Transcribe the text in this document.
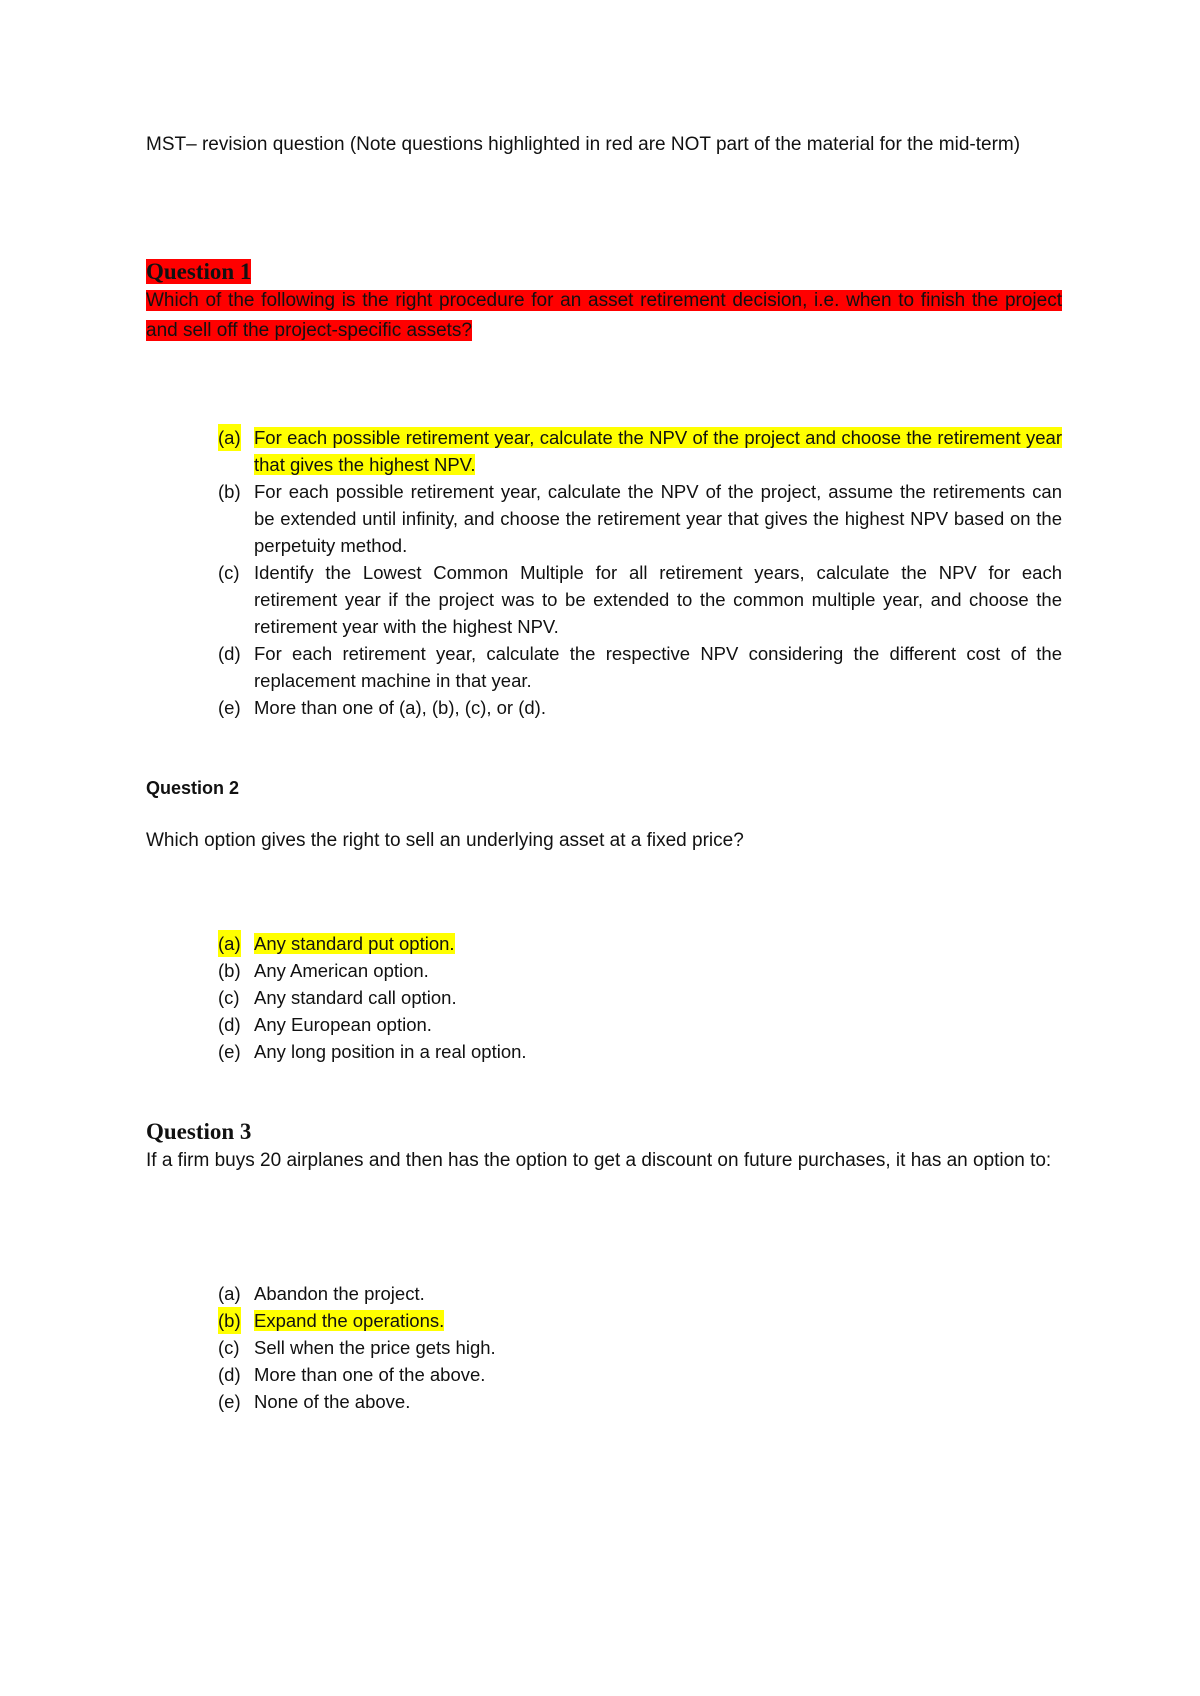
MST– revision question (Note questions highlighted in red are NOT part of the material for the mid-term)

Question 1

Which of the following is the right procedure for an asset retirement decision, i.e. when to finish the project and sell off the project-specific assets?

(a) For each possible retirement year, calculate the NPV of the project and choose the retirement year that gives the highest NPV.
(b) For each possible retirement year, calculate the NPV of the project, assume the retirements can be extended until infinity, and choose the retirement year that gives the highest NPV based on the perpetuity method.
(c) Identify the Lowest Common Multiple for all retirement years, calculate the NPV for each retirement year if the project was to be extended to the common multiple year, and choose the retirement year with the highest NPV.
(d) For each retirement year, calculate the respective NPV considering the different cost of the replacement machine in that year.
(e) More than one of (a), (b), (c), or (d).
Question 2

Which option gives the right to sell an underlying asset at a fixed price?

(a) Any standard put option.
(b) Any American option.
(c) Any standard call option.
(d) Any European option.
(e) Any long position in a real option.
Question 3

If a firm buys 20 airplanes and then has the option to get a discount on future purchases, it has an option to:

(a) Abandon the project.
(b) Expand the operations.
(c) Sell when the price gets high.
(d) More than one of the above.
(e) None of the above.
